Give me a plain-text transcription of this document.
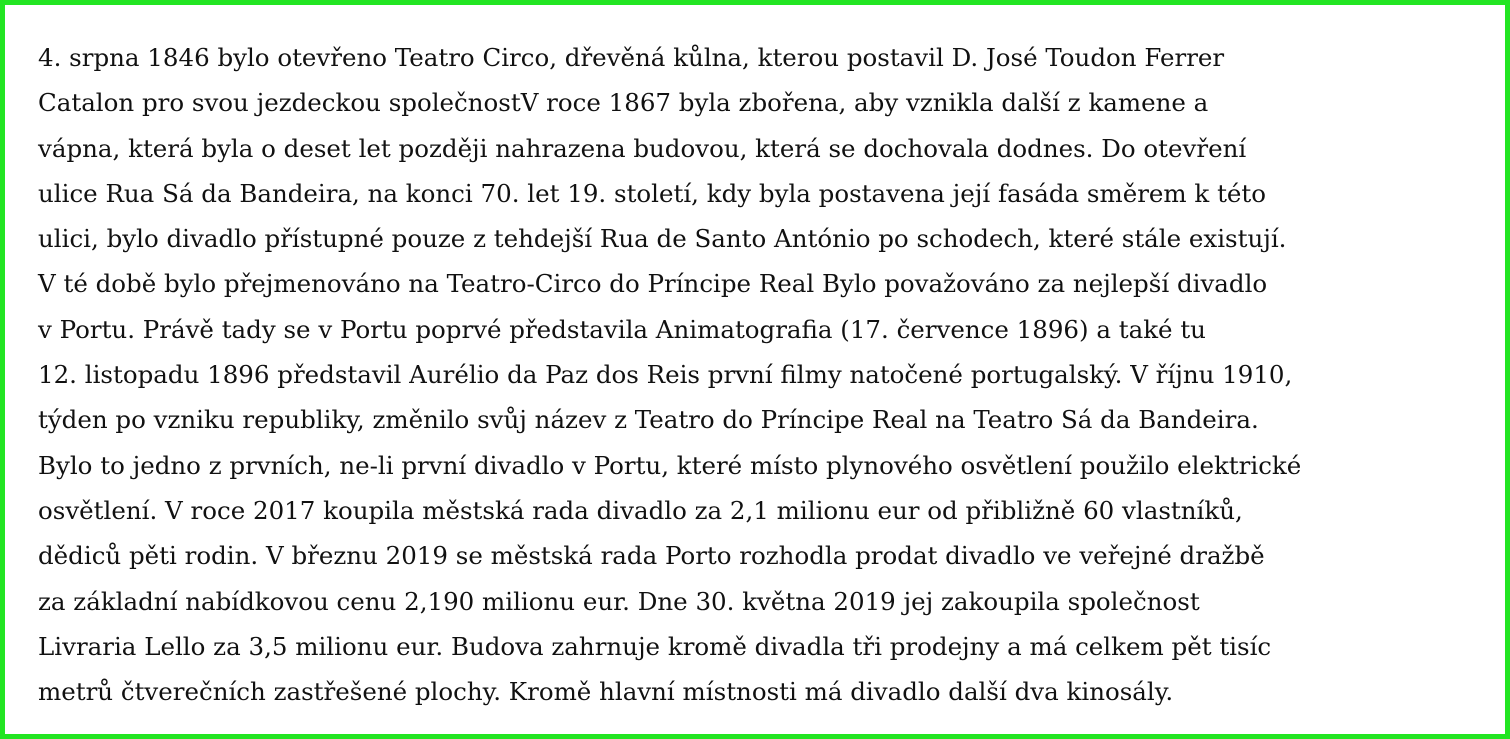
4. srpna 1846 bylo otevřeno Teatro Circo, dřevěná kůlna, kterou postavil D. José Toudon Ferrer
Catalon pro svou jezdeckou společnostV roce 1867 byla zbořena, aby vznikla další z kamene a
vápna, která byla o deset let později nahrazena budovou, která se dochovala dodnes. Do otevření
ulice Rua Sá da Bandeira, na konci 70. let 19. století, kdy byla postavena její fasáda směrem k této
ulici, bylo divadlo přístupné pouze z tehdejší Rua de Santo António po schodech, které stále existují.
V té době bylo přejmenováno na Teatro-Circo do Príncipe Real Bylo považováno za nejlepší divadlo
v Portu. Právě tady se v Portu poprvé představila Animatografia (17. července 1896) a také tu
12. listopadu 1896 představil Aurélio da Paz dos Reis první filmy natočené portugalský. V říjnu 1910,
týden po vzniku republiky, změnilo svůj název z Teatro do Príncipe Real na Teatro Sá da Bandeira.
Bylo to jedno z prvních, ne-li první divadlo v Portu, které místo plynového osvětlení použilo elektrické
osvětlení. V roce 2017 koupila městská rada divadlo za 2,1 milionu eur od přibližně 60 vlastníků,
dědiců pěti rodin. V březnu 2019 se městská rada Porto rozhodla prodat divadlo ve veřejné dražbě
za základní nabídkovou cenu 2,190 milionu eur. Dne 30. května 2019 jej zakoupila společnost
Livraria Lello za 3,5 milionu eur. Budova zahrnuje kromě divadla tři prodejny a má celkem pět tisíc
metrů čtverečních zastřešené plochy. Kromě hlavní místnosti má divadlo další dva kinosály.
